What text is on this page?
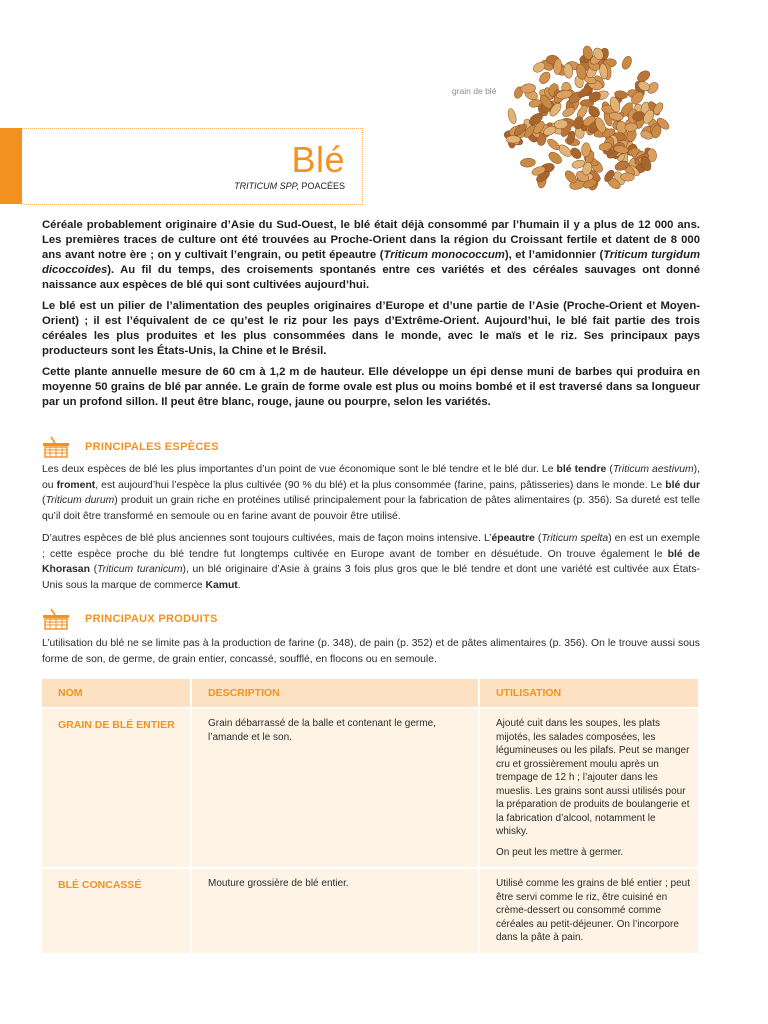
Blé
TRITICUM SPP, POACÉES
grain de blé

Céréale probablement originaire d’Asie du Sud-Ouest, le blé était déjà consommé par l’humain il y a plus de 12 000 ans. Les premières traces de culture ont été trouvées au Proche-Orient dans la région du Croissant fertile et datent de 8 000 ans avant notre ère ; on y cultivait l’engrain, ou petit épeautre (Triticum monococcum), et l’amidonnier (Triticum turgidum dicoccoides). Au fil du temps, des croisements spontanés entre ces variétés et des céréales sauvages ont donné naissance aux espèces de blé qui sont cultivées aujourd’hui.

Le blé est un pilier de l’alimentation des peuples originaires d’Europe et d’une partie de l’Asie (Proche-Orient et Moyen-Orient) ; il est l’équivalent de ce qu’est le riz pour les pays d’Extrême-Orient. Aujourd’hui, le blé fait partie des trois céréales les plus produites et les plus consommées dans le monde, avec le maïs et le riz. Ses principaux pays producteurs sont les États-Unis, la Chine et le Brésil.

Cette plante annuelle mesure de 60 cm à 1,2 m de hauteur. Elle développe un épi dense muni de barbes qui produira en moyenne 50 grains de blé par année. Le grain de forme ovale est plus ou moins bombé et il est traversé dans sa longueur par un profond sillon. Il peut être blanc, rouge, jaune ou pourpre, selon les variétés.

PRINCIPALES ESPÈCES

Les deux espèces de blé les plus importantes d’un point de vue économique sont le blé tendre et le blé dur. Le blé tendre (Triticum aestivum), ou froment, est aujourd’hui l’espèce la plus cultivée (90 % du blé) et la plus consommée (farine, pains, pâtisseries) dans le monde. Le blé dur (Triticum durum) produit un grain riche en protéines utilisé principalement pour la fabrication de pâtes alimentaires (p. 356). Sa dureté est telle qu’il doit être transformé en semoule ou en farine avant de pouvoir être utilisé.

D’autres espèces de blé plus anciennes sont toujours cultivées, mais de façon moins intensive. L’épeautre (Triticum spelta) en est un exemple ; cette espèce proche du blé tendre fut longtemps cultivée en Europe avant de tomber en désuétude. On trouve également le blé de Khorasan (Triticum turanicum), un blé originaire d’Asie à grains 3 fois plus gros que le blé tendre et dont une variété est cultivée aux États-Unis sous la marque de commerce Kamut.

PRINCIPAUX PRODUITS

L’utilisation du blé ne se limite pas à la production de farine (p. 348), de pain (p. 352) et de pâtes alimentaires (p. 356). On le trouve aussi sous forme de son, de germe, de grain entier, concassé, soufflé, en flocons ou en semoule.

NOM	DESCRIPTION	UTILISATION
GRAIN DE BLÉ ENTIER	Grain débarrassé de la balle et contenant le germe, l’amande et le son.	Ajouté cuit dans les soupes, les plats mijotés, les salades composées, les légumineuses ou les pilafs. Peut se manger cru et grossièrement moulu après un trempage de 12 h ; l’ajouter dans les mueslis. Les grains sont aussi utilisés pour la préparation de produits de boulangerie et la fabrication d’alcool, notamment le whisky.

On peut les mettre à germer.

BLÉ CONCASSÉ	Mouture grossière de blé entier.	Utilisé comme les grains de blé entier ; peut être servi comme le riz, être cuisiné en crème-dessert ou consommé comme céréales au petit-déjeuner. On l’incorpore dans la pâte à pain.
